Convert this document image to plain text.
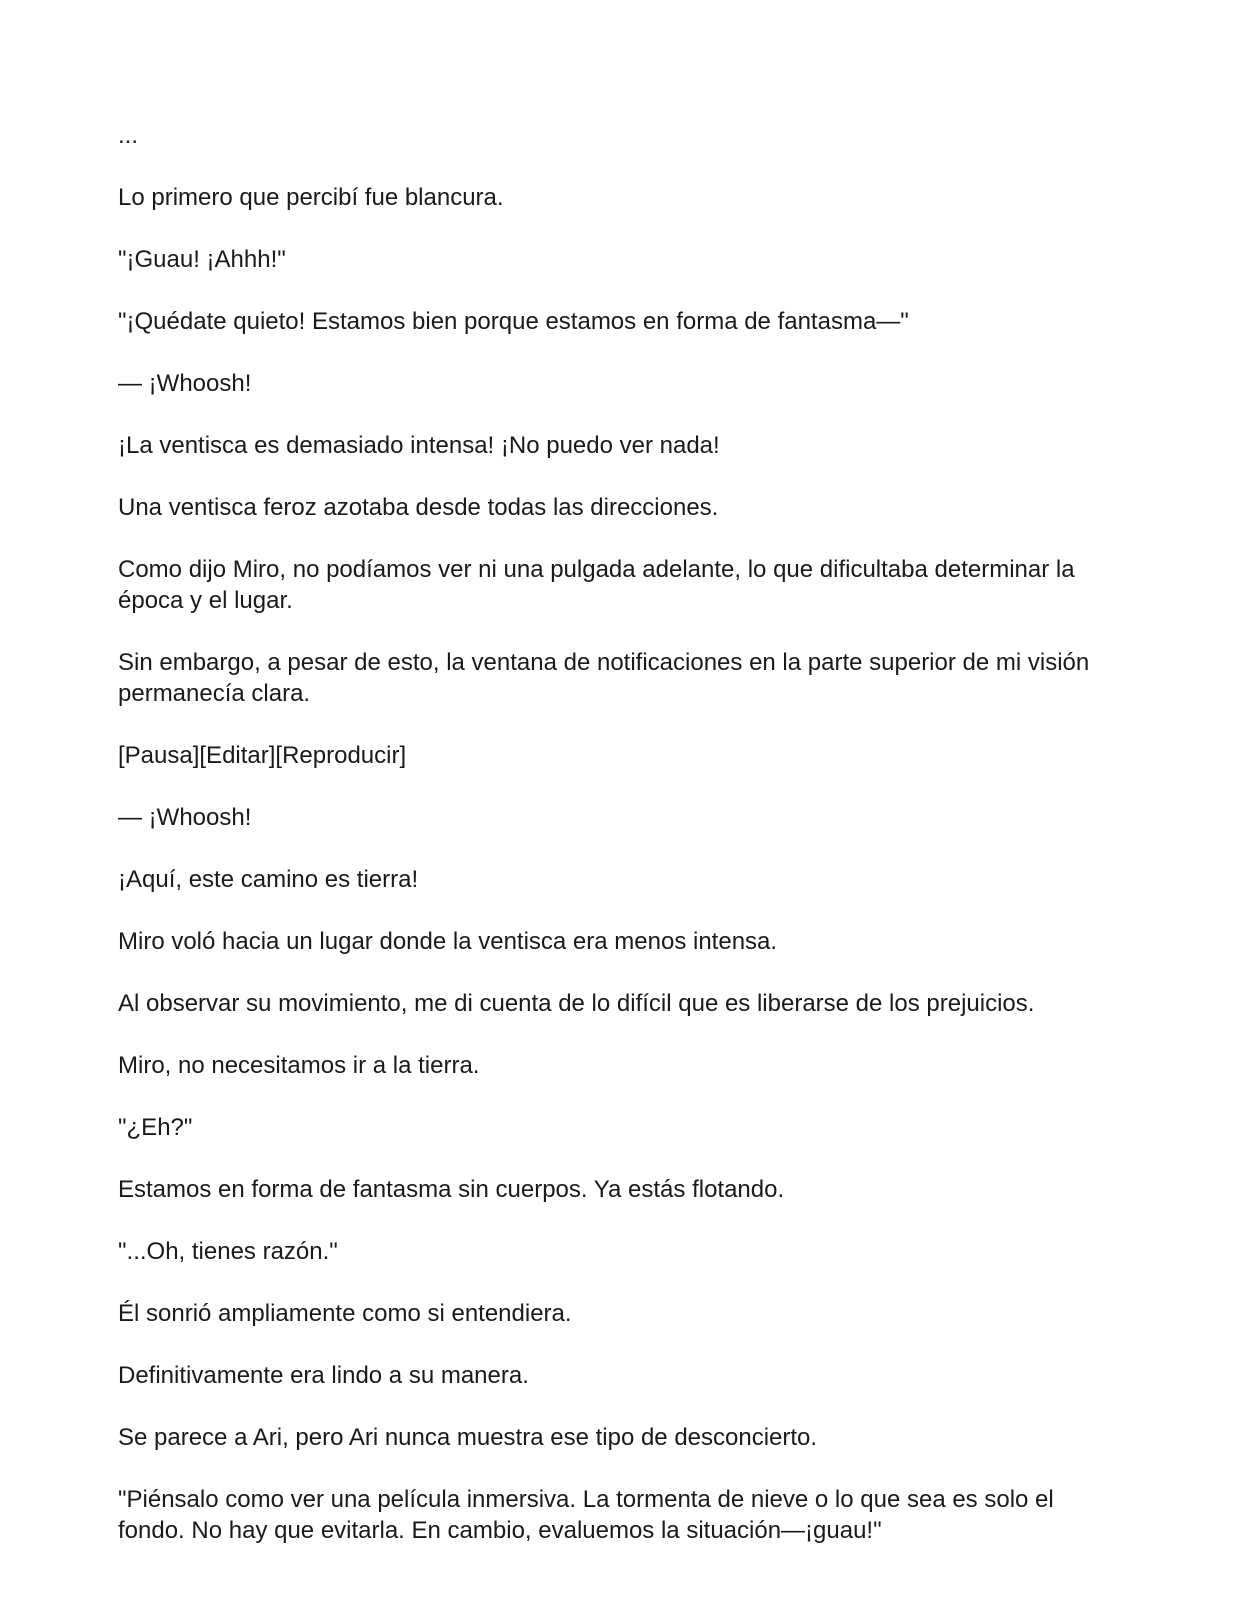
...

Lo primero que percibí fue blancura.

"¡Guau! ¡Ahhh!"

"¡Quédate quieto! Estamos bien porque estamos en forma de fantasma—"

— ¡Whoosh!

¡La ventisca es demasiado intensa! ¡No puedo ver nada!

Una ventisca feroz azotaba desde todas las direcciones.

Como dijo Miro, no podíamos ver ni una pulgada adelante, lo que dificultaba determinar la época y el lugar.

Sin embargo, a pesar de esto, la ventana de notificaciones en la parte superior de mi visión permanecía clara.

[Pausa][Editar][Reproducir]

— ¡Whoosh!

¡Aquí, este camino es tierra!

Miro voló hacia un lugar donde la ventisca era menos intensa.

Al observar su movimiento, me di cuenta de lo difícil que es liberarse de los prejuicios.

Miro, no necesitamos ir a la tierra.

"¿Eh?"

Estamos en forma de fantasma sin cuerpos. Ya estás flotando.

"...Oh, tienes razón."

Él sonrió ampliamente como si entendiera.

Definitivamente era lindo a su manera.

Se parece a Ari, pero Ari nunca muestra ese tipo de desconcierto.

"Piénsalo como ver una película inmersiva. La tormenta de nieve o lo que sea es solo el fondo. No hay que evitarla. En cambio, evaluemos la situación—¡guau!"
